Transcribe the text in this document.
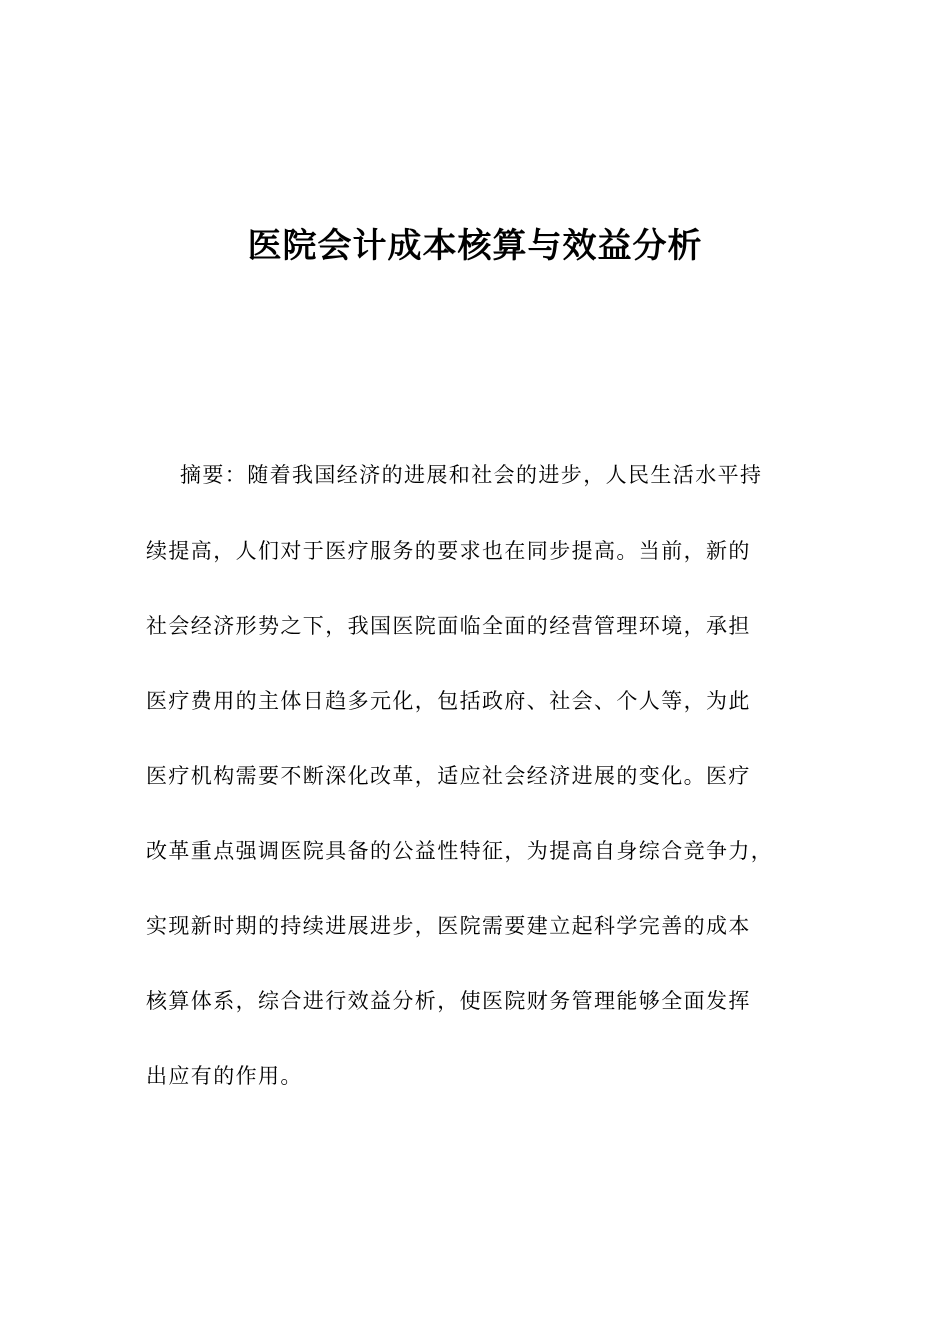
医院会计成本核算与效益分析
摘要：随着我国经济的进展和社会的进步，人民生活水平持
续提高，人们对于医疗服务的要求也在同步提高。当前，新的
社会经济形势之下，我国医院面临全面的经营管理环境，承担
医疗费用的主体日趋多元化，包括政府、社会、个人等，为此
医疗机构需要不断深化改革，适应社会经济进展的变化。医疗
改革重点强调医院具备的公益性特征，为提高自身综合竞争力，
实现新时期的持续进展进步，医院需要建立起科学完善的成本
核算体系，综合进行效益分析，使医院财务管理能够全面发挥
出应有的作用。
